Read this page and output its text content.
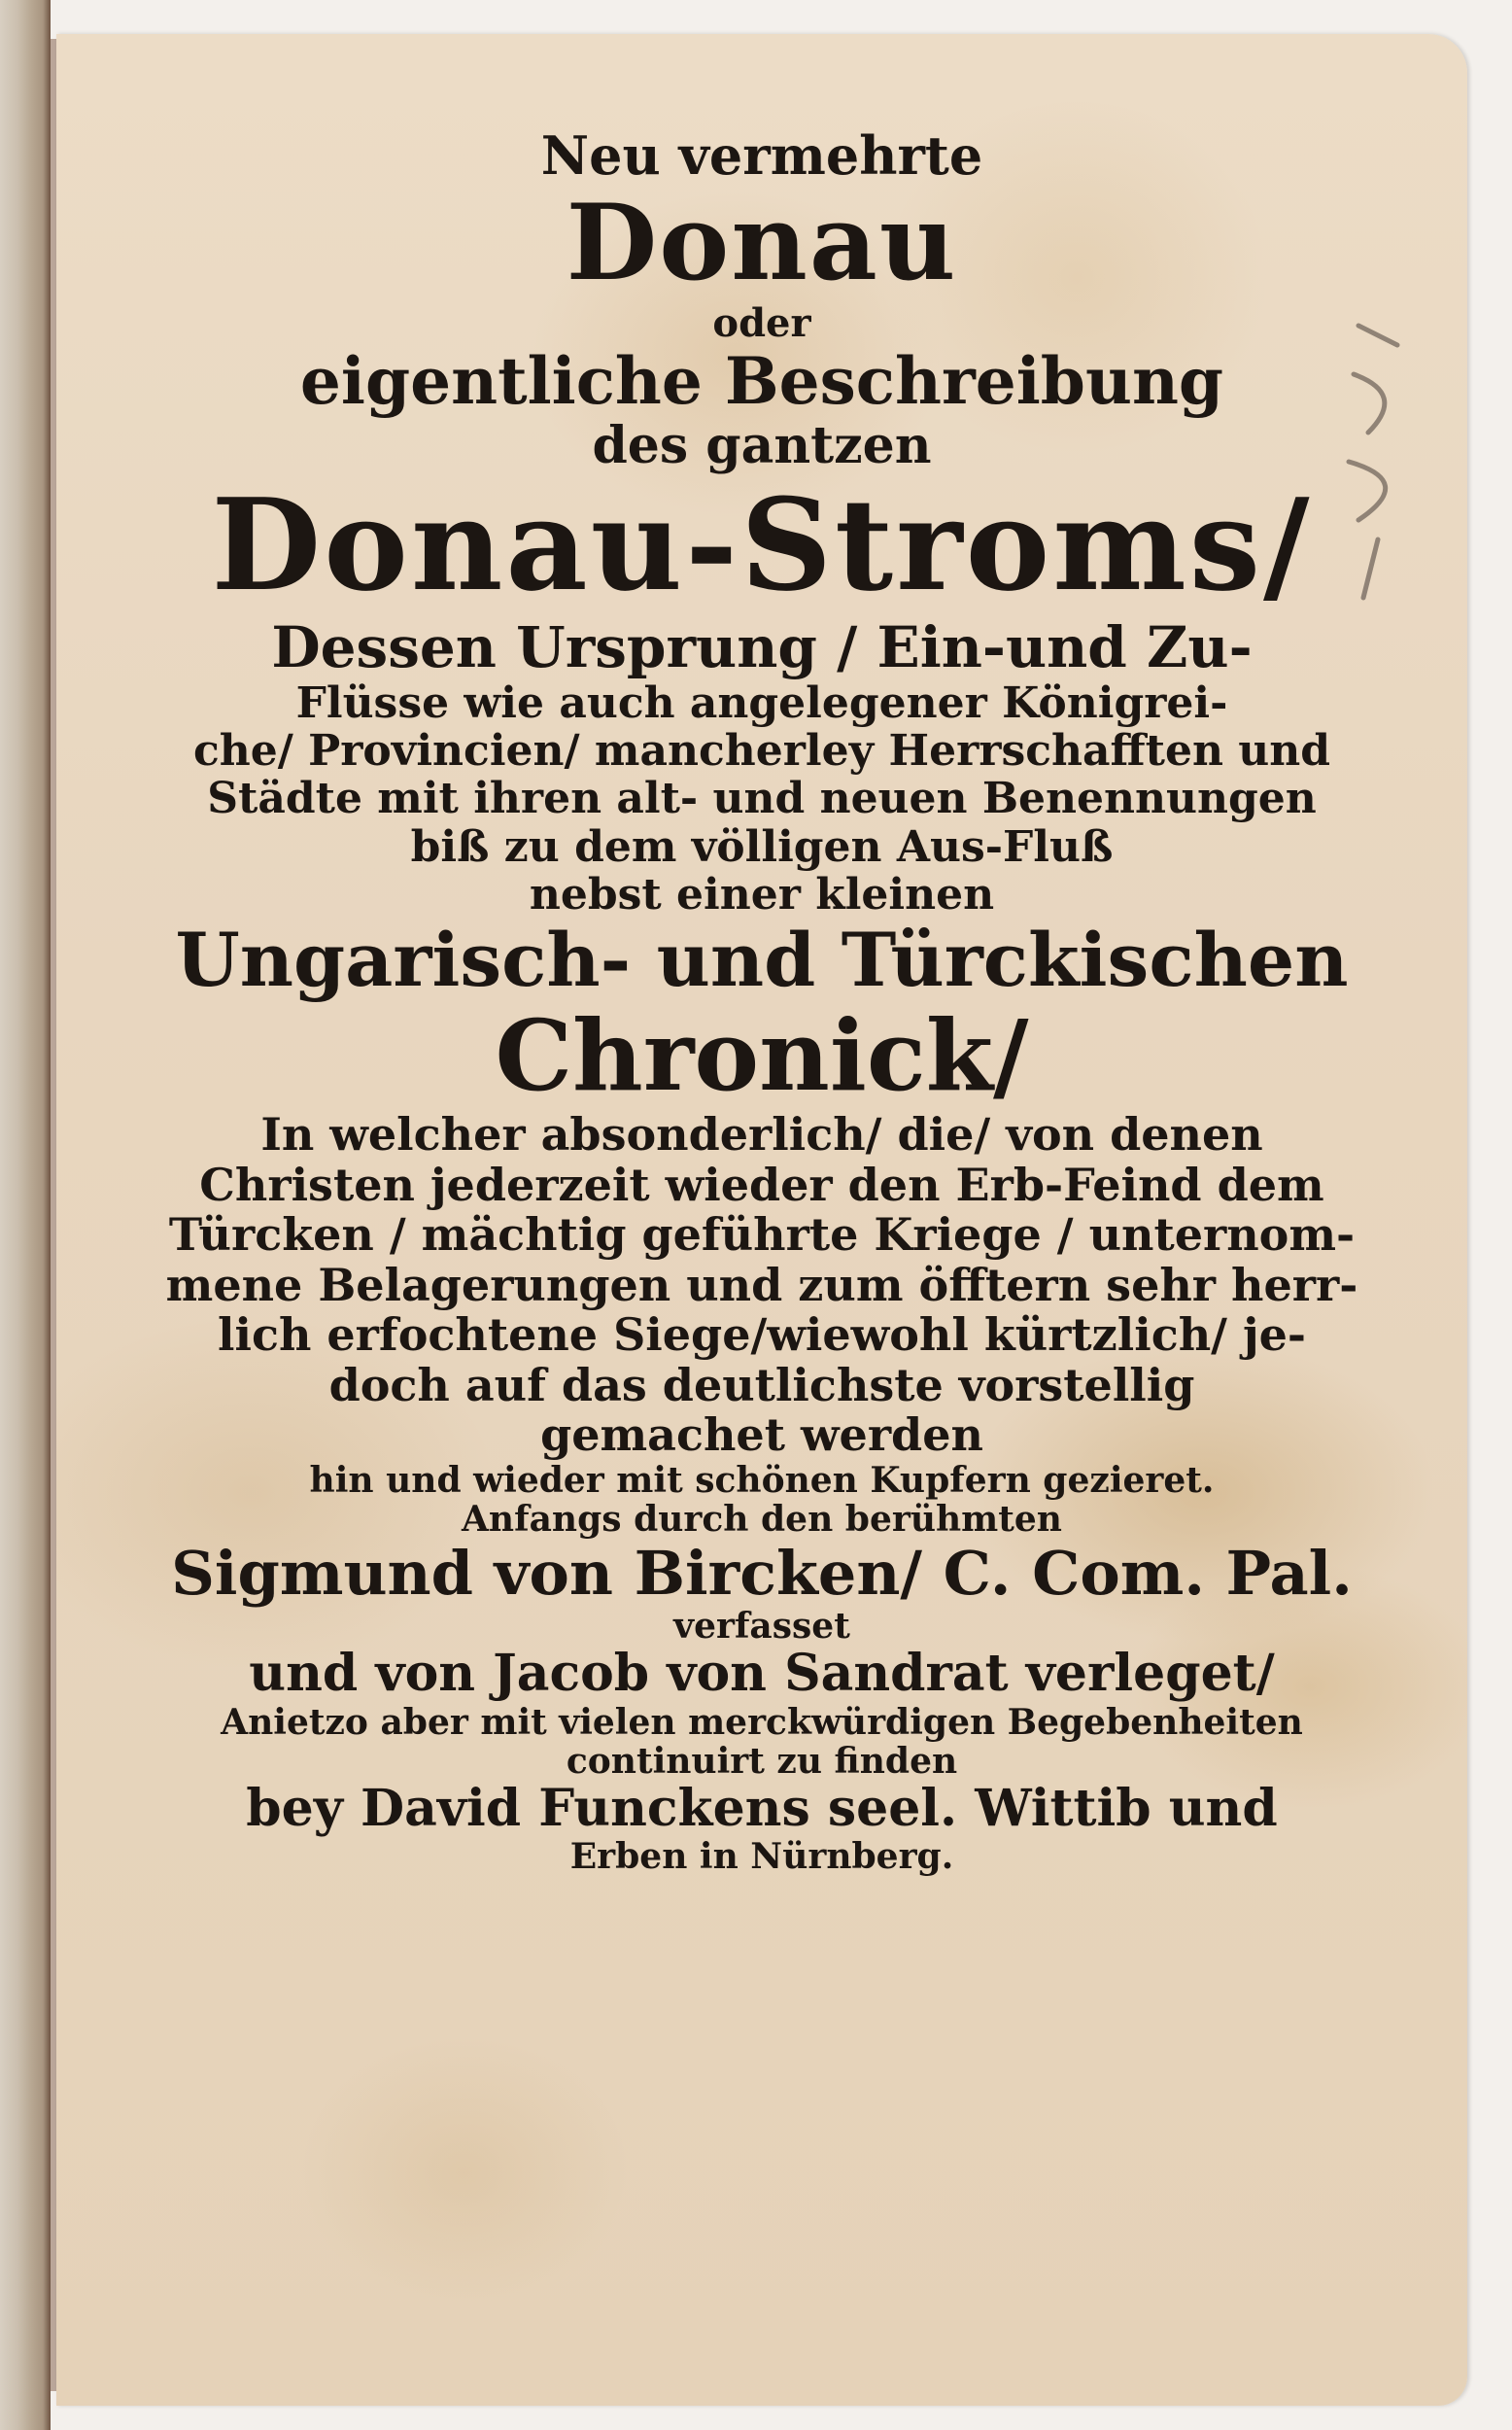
Neu vermehrte
Donau
oder
eigentliche Beschreibung
des gantzen
Donau-Stroms/
Dessen Ursprung / Ein-und Zu-
Flüsse wie auch angelegener Königrei-
che/ Provincien/ mancherley Herrschafften und
Städte mit ihren alt- und neuen Benennungen
biß zu dem völligen Aus-Fluß
nebst einer kleinen
Ungarisch- und Türckischen
Chronick/
In welcher absonderlich/ die/ von denen
Christen jederzeit wieder den Erb-Feind dem
Türcken / mächtig geführte Kriege / unternom-
mene Belagerungen und zum öfftern sehr herr-
lich erfochtene Siege/wiewohl kürtzlich/ je-
doch auf das deutlichste vorstellig
gemachet werden
hin und wieder mit schönen Kupfern gezieret.
Anfangs durch den berühmten
Sigmund von Bircken/ C. Com. Pal.
verfasset
und von Jacob von Sandrat verleget/
Anietzo aber mit vielen merckwürdigen Begebenheiten
continuirt zu finden
bey David Funckens seel. Wittib und
Erben in Nürnberg.
